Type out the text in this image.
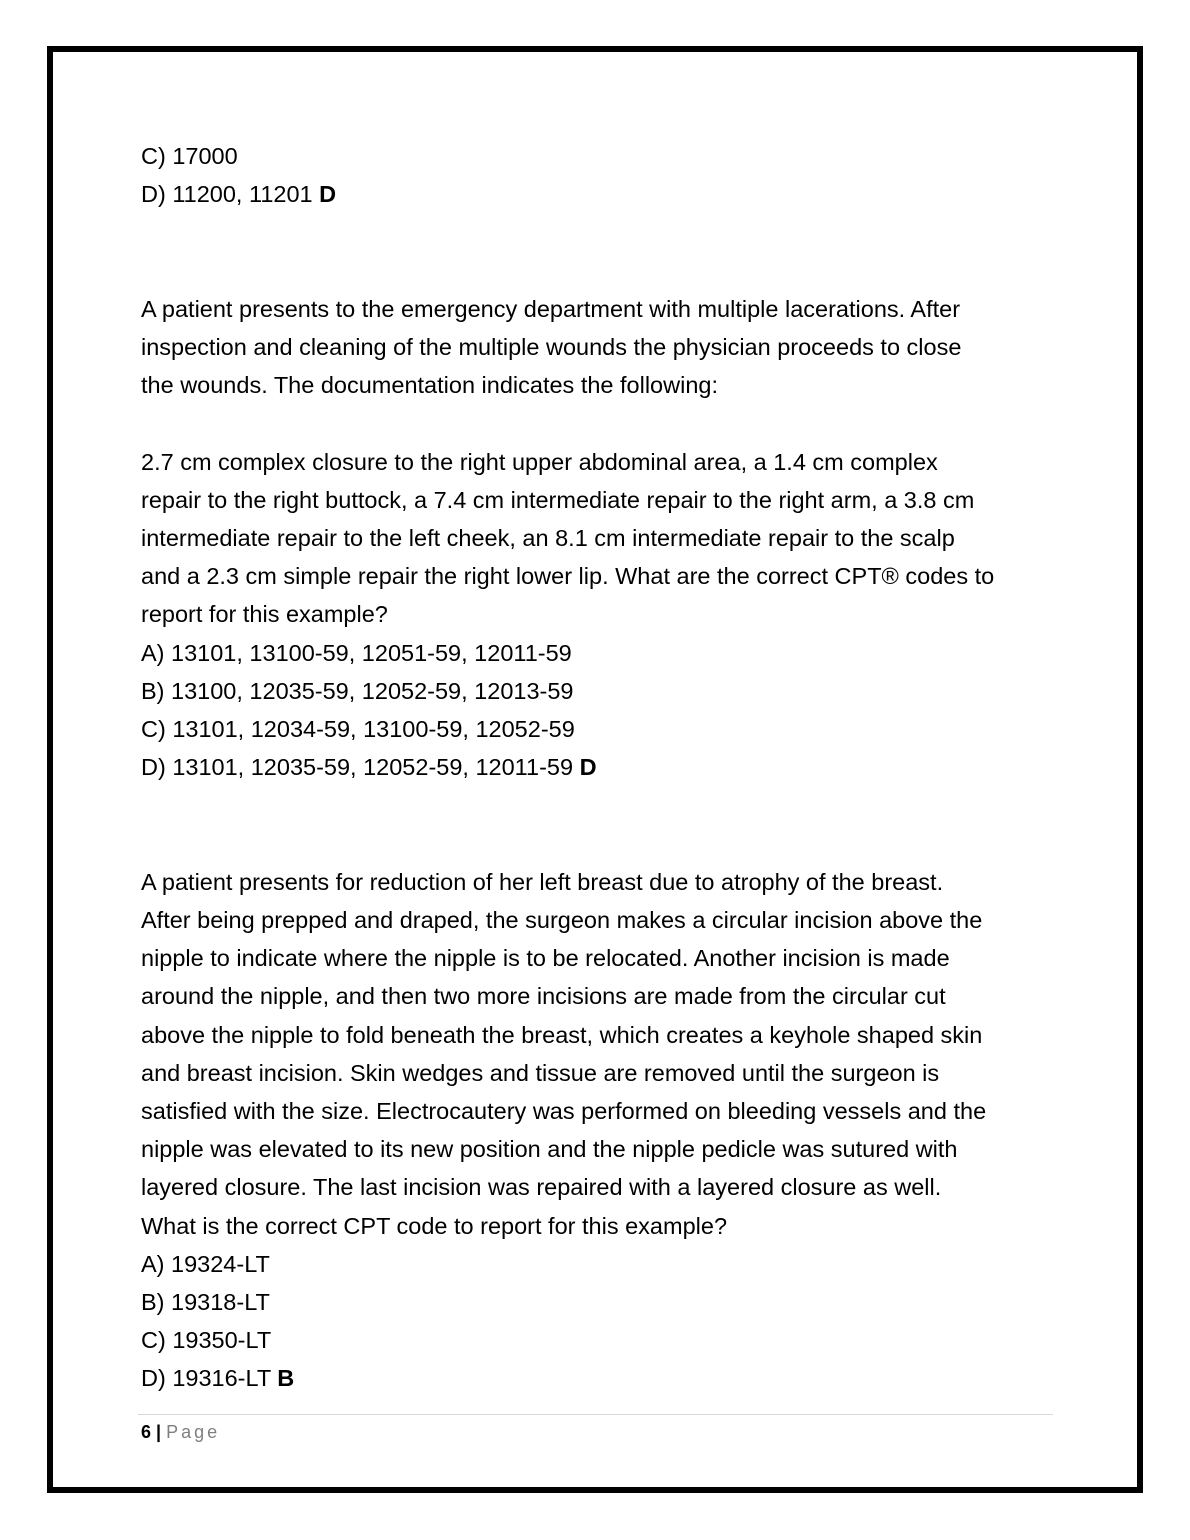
C) 17000
D) 11200, 11201 D
A patient presents to the emergency department with multiple lacerations. After
inspection and cleaning of the multiple wounds the physician proceeds to close
the wounds. The documentation indicates the following:
2.7 cm complex closure to the right upper abdominal area, a 1.4 cm complex
repair to the right buttock, a 7.4 cm intermediate repair to the right arm, a 3.8 cm
intermediate repair to the left cheek, an 8.1 cm intermediate repair to the scalp
and a 2.3 cm simple repair the right lower lip. What are the correct CPT® codes to
report for this example?
A) 13101, 13100-59, 12051-59, 12011-59
B) 13100, 12035-59, 12052-59, 12013-59
C) 13101, 12034-59, 13100-59, 12052-59
D) 13101, 12035-59, 12052-59, 12011-59 D
A patient presents for reduction of her left breast due to atrophy of the breast.
After being prepped and draped, the surgeon makes a circular incision above the
nipple to indicate where the nipple is to be relocated. Another incision is made
around the nipple, and then two more incisions are made from the circular cut
above the nipple to fold beneath the breast, which creates a keyhole shaped skin
and breast incision. Skin wedges and tissue are removed until the surgeon is
satisfied with the size. Electrocautery was performed on bleeding vessels and the
nipple was elevated to its new position and the nipple pedicle was sutured with
layered closure. The last incision was repaired with a layered closure as well.
What is the correct CPT code to report for this example?
A) 19324-LT
B) 19318-LT
C) 19350-LT
D) 19316-LT B
6 | Page
